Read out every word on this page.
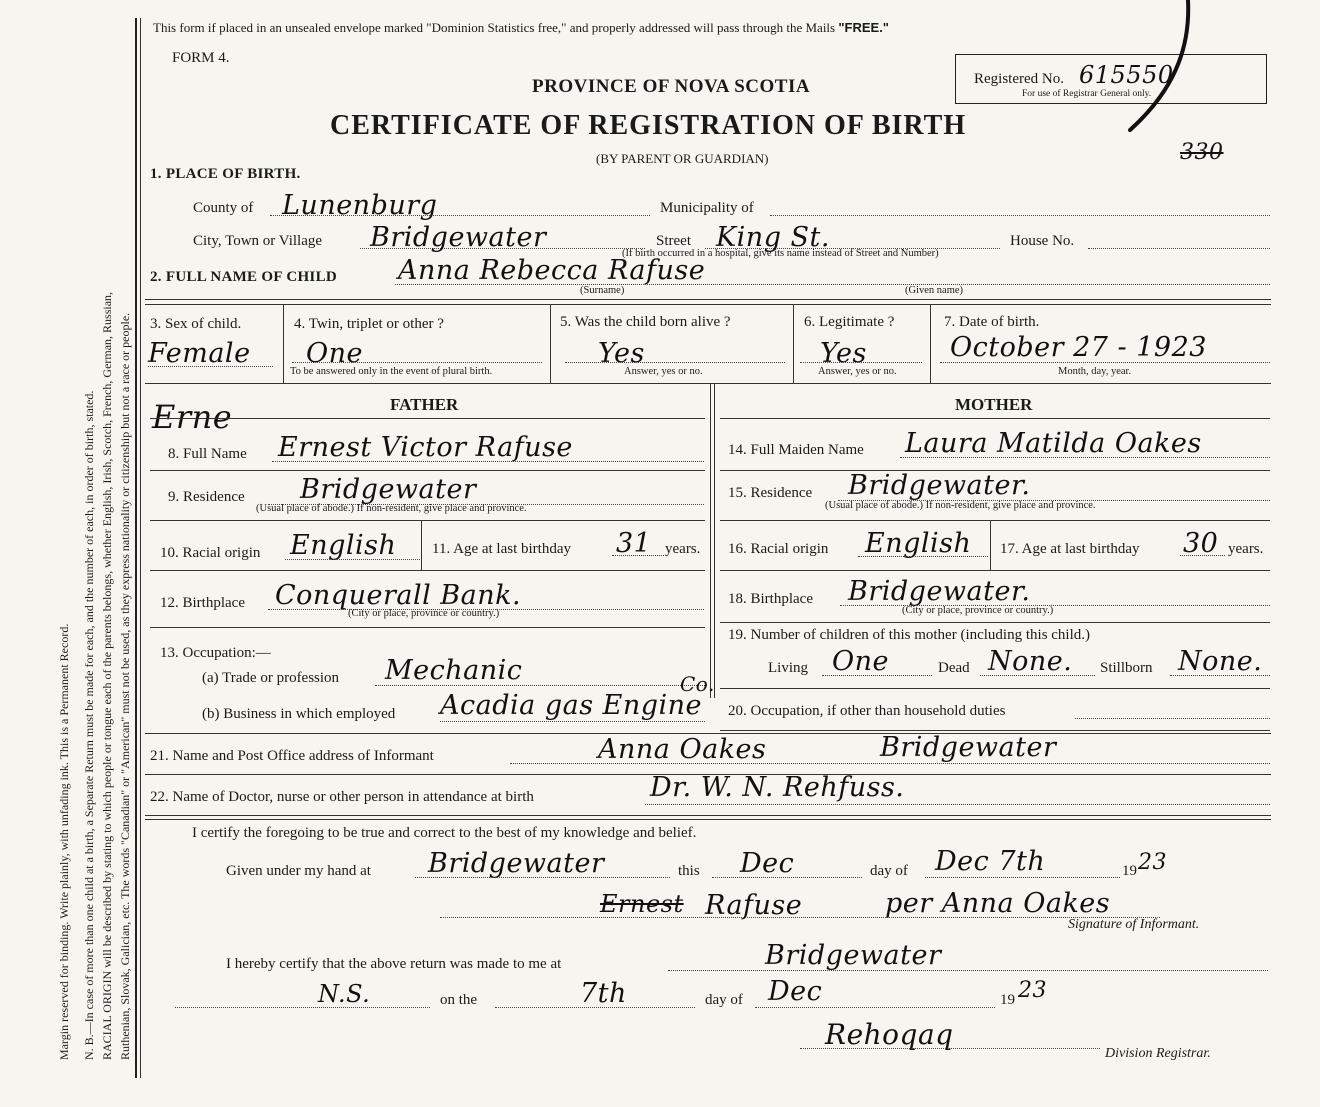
Margin reserved for binding. Write plainly, with unfading ink. This is a Permanent Record. N. B.—In case of more than one child at a birth, a Separate Return must be made for each, and the number of each, in order of birth, stated. RACIAL ORIGIN will be described by stating to which people or tongue each of the parents belongs, whether English, Irish, Scotch, French, German, Russian, Ruthenian, Slovak, Galician, etc. The words "Canadian" or "American" must not be used, as they express nationality or citizenship but not a race or people.
This form if placed in an unsealed envelope marked "Dominion Statistics free," and properly addressed will pass through the Mails "FREE."
FORM 4.
PROVINCE OF NOVA SCOTIA
CERTIFICATE OF REGISTRATION OF BIRTH
(BY PARENT OR GUARDIAN)
Registered No. 615550
For use of Registrar General only.
330
1. PLACE OF BIRTH.
County of Lunenburg	Municipality of
City, Town or Village Bridgewater	Street King St.	House No.
(If birth occurred in a hospital, give its name instead of Street and Number)
2. FULL NAME OF CHILD Anna Rebecca Rafuse
(Surname)	(Given name)
3. Sex of child.
Female
4. Twin, triplet or other ?
One
To be answered only in the event of plural birth.
5. Was the child born alive ?
Yes
Answer, yes or no.
6. Legitimate ?
Yes
Answer, yes or no.
7. Date of birth.
October 27 - 1923
Month, day, year.
Erne	FATHER	MOTHER
8. Full Name Ernest Victor Rafuse
9. Residence Bridgewater
(Usual place of abode.) If non-resident, give place and province.
10. Racial origin English 11. Age at last birthday 31 years.
12. Birthplace Conquerall Bank.
(City or place, province or country.)
13. Occupation:—
(a) Trade or profession Mechanic
(b) Business in which employed Acadia gas Engine
Co.
14. Full Maiden Name Laura Matilda Oakes
15. Residence Bridgewater.
(Usual place of abode.) If non-resident, give place and province.
16. Racial origin English 17. Age at last birthday 30 years.
18. Birthplace Bridgewater.
(City or place, province or country.)
19. Number of children of this mother (including this child.)
Living One	Dead None. Stillborn None.
20. Occupation, if other than household duties
21. Name and Post Office address of Informant	Anna Oakes	Bridgewater
22. Name of Doctor, nurse or other person in attendance at birth	Dr. W. N. Rehfuss.
I certify the foregoing to be true and correct to the best of my knowledge and belief.
Given under my hand at Bridgewater	this Dec	day of Dec 7th	19 23
Ernest Rafuse	per Anna Oakes
Signature of Informant.
I hereby certify that the above return was made to me at	Bridgewater
N.S.	on the	7th	day of Dec	19 23
Rehoqaq
Division Registrar.
